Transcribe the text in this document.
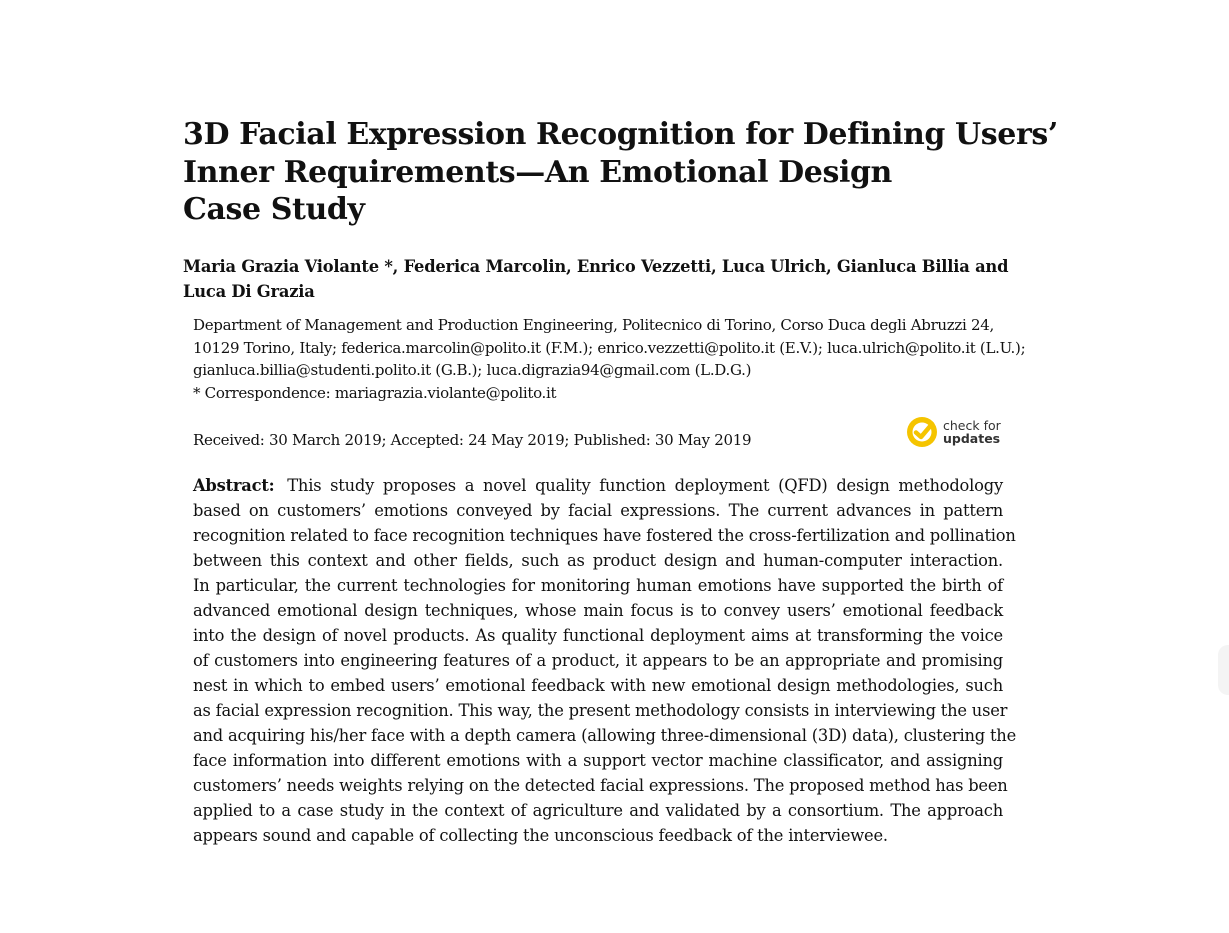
3D Facial Expression Recognition for Defining Users’
Inner Requirements—An Emotional Design
Case Study
Maria Grazia Violante *, Federica Marcolin, Enrico Vezzetti, Luca Ulrich, Gianluca Billia and
Luca Di Grazia
Department of Management and Production Engineering, Politecnico di Torino, Corso Duca degli Abruzzi 24,
10129 Torino, Italy; federica.marcolin@polito.it (F.M.); enrico.vezzetti@polito.it (E.V.); luca.ulrich@polito.it (L.U.);
gianluca.billia@studenti.polito.it (G.B.); luca.digrazia94@gmail.com (L.D.G.)
* Correspondence: mariagrazia.violante@polito.it
Received: 30 March 2019; Accepted: 24 May 2019; Published: 30 May 2019
check for
updates
Abstract: This study proposes a novel quality function deployment (QFD) design methodology
based on customers’ emotions conveyed by facial expressions. The current advances in pattern
recognition related to face recognition techniques have fostered the cross-fertilization and pollination
between this context and other fields, such as product design and human-computer interaction.
In particular, the current technologies for monitoring human emotions have supported the birth of
advanced emotional design techniques, whose main focus is to convey users’ emotional feedback
into the design of novel products. As quality functional deployment aims at transforming the voice
of customers into engineering features of a product, it appears to be an appropriate and promising
nest in which to embed users’ emotional feedback with new emotional design methodologies, such
as facial expression recognition. This way, the present methodology consists in interviewing the user
and acquiring his/her face with a depth camera (allowing three-dimensional (3D) data), clustering the
face information into different emotions with a support vector machine classificator, and assigning
customers’ needs weights relying on the detected facial expressions. The proposed method has been
applied to a case study in the context of agriculture and validated by a consortium. The approach
appears sound and capable of collecting the unconscious feedback of the interviewee.
